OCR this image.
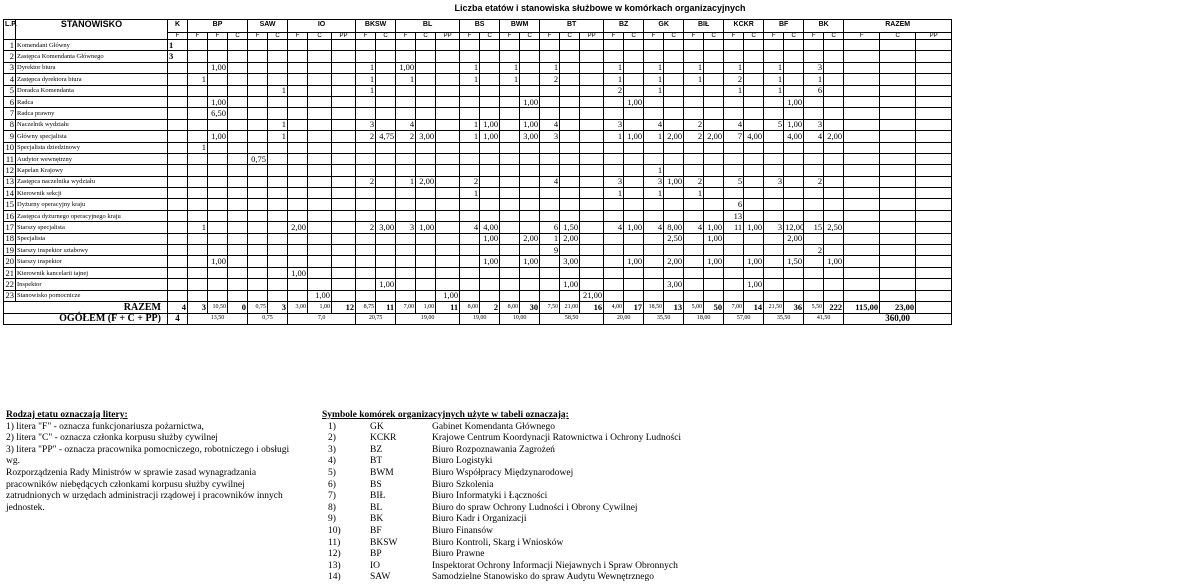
Liczba etatów i stanowiska służbowe w komórkach organizacyjnych
L.P.	STANOWISKO	K	BP			SAW		IO			BKSW		BL			BS		BWM		BT			BZ		GK		BIŁ		KCKR		BF		BK		RAZEM		
		F	F	F	C	F	C	F	C	PP	F	C	F	C	PP	F	C	F	C	F	C	PP	F	C	F	C	F	C	F	C	F	C	F	C	F	C	PP
1	Komendant Główny	1																																			
2	Zastępca Komendanta Głównego	3																																			
3	Dyrektor biura			1,00							1		1,00			1		1		1			1		1		1		1		1		3				
4	Zastępca dyrektora biura		1								1		1			1		1		2			1		1		1		2		1		1				
5	Doradca Komendanta						1				1												2		1				1		1		6				
6	Radca			1,00															1,00					1,00								1,00					
7	Radca prawny			6,50																																	
8	Naczelnik wydziału						1				3		4			1	1,00		1,00	4			3		4		2		4		5	1,00	3				
9	Główny specjalista			1,00			1				2	4,75	2	3,00		1	1,00		3,00	3			1	1,00	1	2,00	2	2,00	7	4,00		4,00	4	2,00			
10	Specjalista dziedzinowy		1																																		
11	Audytor wewnętrzny					0,75																															
12	Kapelan Krajowy																								1												
13	Zastępca naczelnika wydziału										2		1	2,00		2				4			3		3	1,00	2		5		3		2				
14	Kierownik sekcji															1							1		1		1										
15	Dyżurny operacyjny kraju																												6								
16	Zastępca dyżurnego operacyjnego kraju																												13								
17	Starszy specjalista		1					2,00			2	3,00	3	1,00		4	4,00			6	1,50		4	1,00	4	8,00	4	1,00	11	1,00	3	12,00	15	2,50			
18	Specjalista																1,00		2,00	1	2,00					2,50		1,00				2,00					
19	Starszy inspektor sztabowy																			9													2				
20	Starszy inspektor			1,00													1,00		1,00		3,00			1,00		2,00		1,00		1,00		1,50		1,00			
21	Kierownik kancelarii tajnej							1,00																													
22	Inspektor											1,00									1,00					3,00				1,00							
23	Stanowisko pomocnicze								1,00						1,00							21,00															
RAZEM		4	3	10,50	0	0,75	3	3,00	1,00	12	8,75	11	7,00	1,00	11	8,00	2	8,00	30	7,50	21,00	16	4,00	17	18,50	13	5,00	50	7,00	14	21,50	36	5,50	222	115,00	23,00	
OGÓŁEM (F + C + PP)		4	13,50			0,75		7,0			20,75		19,00			19,00		10,00		58,50			20,00		35,50		18,00		57,00		35,50		41,50		360,00		
Rodzaj etatu oznaczają litery:
1) litera "F" - oznacza funkcjonariusza pożarnictwa,
2) litera "C" - oznacza członka korpusu służby cywilnej
3) litera "PP" - oznacza pracownika pomocniczego, robotniczego i obsługi wg.
Rozporządzenia Rady Ministrów w sprawie zasad wynagradzania pracowników niebędących członkami korpusu służby cywilnej zatrudnionych w urzędach administracji rządowej i pracowników innych jednostek.
Symbole komórek organizacyjnych użyte w tabeli oznaczają:
1)	GK	Gabinet Komendanta Głównego
2)	KCKR	Krajowe Centrum Koordynacji Ratownictwa i Ochrony Ludności
3)	BZ	Biuro Rozpoznawania Zagrożeń
4)	BT	Biuro Logistyki
5)	BWM	Biuro Współpracy Międzynarodowej
6)	BS	Biuro Szkolenia
7)	BIŁ	Biuro Informatyki i Łączności
8)	BL	Biuro do spraw Ochrony Ludności i Obrony Cywilnej
9)	BK	Biuro Kadr i Organizacji
10)	BF	Biuro Finansów
11)	BKSW	Biuro Kontroli, Skarg i Wniosków
12)	BP	Biuro Prawne
13)	IO	Inspektorat Ochrony Informacji Niejawnych i Spraw Obronnych
14)	SAW	Samodzielne Stanowisko do spraw Audytu Wewnętrznego
